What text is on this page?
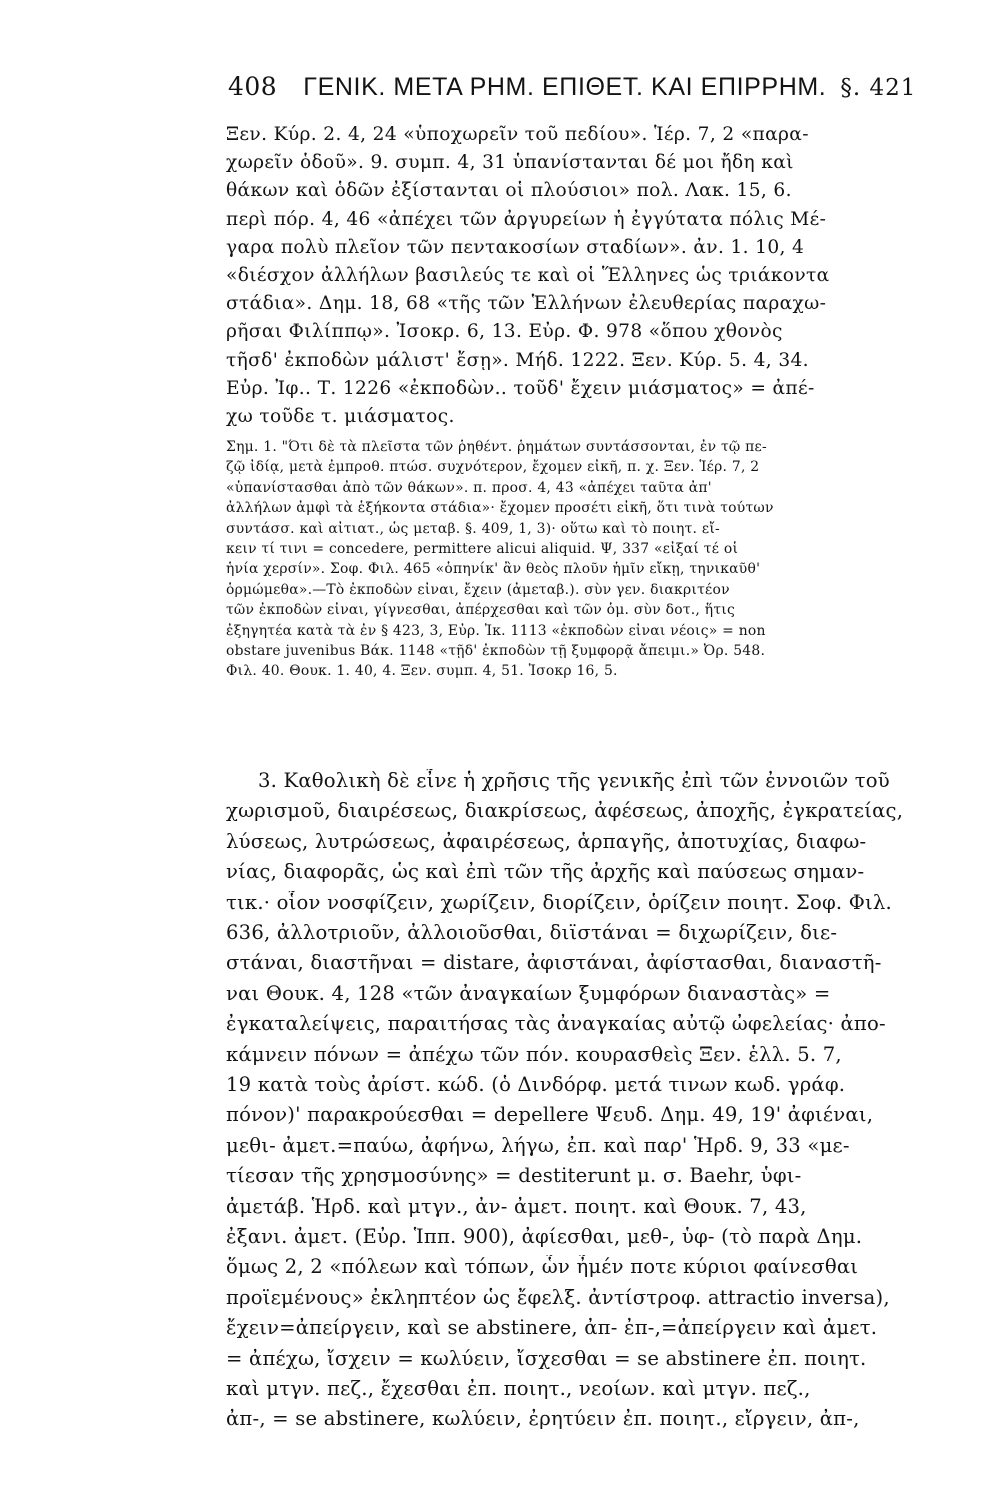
408 ΓΕΝΙΚ. ΜΕΤΑ ΡΗΜ. ΕΠΙΘΕΤ. ΚΑΙ ΕΠΙΡΡΗΜ. §. 421
Ξεν. Κύρ. 2. 4, 24 «ὑποχωρεῖν τοῦ πεδίου». Ἱέρ. 7, 2 «παρα-
χωρεῖν ὁδοῦ». 9. συμπ. 4, 31 ὑπανίστανται δέ μοι ἤδη καὶ
θάκων καὶ ὁδῶν ἐξίστανται οἱ πλούσιοι» πολ. Λακ. 15, 6.
περὶ πόρ. 4, 46 «ἀπέχει τῶν ἀργυρείων ἡ ἐγγύτατα πόλις Μέ-
γαρα πολὺ πλεῖον τῶν πεντακοσίων σταδίων». ἀν. 1. 10, 4
«διέσχον ἀλλήλων βασιλεύς τε καὶ οἱ Ἕλληνες ὡς τριάκοντα
στάδια». Δημ. 18, 68 «τῆς τῶν Ἑλλήνων ἐλευθερίας παραχω-
ρῆσαι Φιλίππῳ». Ἰσοκρ. 6, 13. Εὐρ. Φ. 978 «ὅπου χθονὸς
τῆσδ' ἐκποδὼν μάλιστ' ἔσῃ». Μήδ. 1222. Ξεν. Κύρ. 5. 4, 34.
Εὐρ. Ἰφ.. Τ. 1226 «ἐκποδὼν.. τοῦδ' ἔχειν μιάσματος» = ἀπέ-
χω τοῦδε τ. μιάσματος.
Σημ. 1. "Ότι δὲ τὰ πλεῖστα τῶν ῥηθέντ. ῥημάτων συντάσσονται, ἐν τῷ πε-
ζῷ ἰδίᾳ, μετὰ ἐμπροθ. πτώσ. συχνότερον, ἔχομεν εἰκῆ, π. χ. Ξεν. Ἱέρ. 7, 2
«ὑπανίστασθαι ἀπὸ τῶν θάκων». π. προσ. 4, 43 «ἀπέχει ταῦτα ἀπ'
ἀλλήλων ἀμφὶ τὰ ἑξήκοντα στάδια»· ἔχομεν προσέτι εἰκῆ, ὅτι τινὰ τούτων
συντάσσ. καὶ αἰτιατ., ὡς μεταβ. §. 409, 1, 3)· οὕτω καὶ τὸ ποιητ. εἴ-
κειν τί τινι = concedere, permittere alicui aliquid. Ψ, 337 «εἶξαί τέ οἱ
ἡνία χερσίν». Σοφ. Φιλ. 465 «ὁπηνίκ' ἂν θεὸς πλοῦν ἡμῖν εἴκῃ, τηνικαῦθ'
ὁρμώμεθα».—Τὸ ἐκποδὼν εἶναι, ἔχειν (ἀμεταβ.). σὺν γεν. διακριτέον
τῶν ἐκποδὼν εἶναι, γίγνεσθαι, ἀπέρχεσθαι καὶ τῶν ὁμ. σὺν δοτ., ἥτις
ἐξηγητέα κατὰ τὰ ἐν § 423, 3, Εὐρ. Ἰκ. 1113 «ἐκποδὼν εἶναι νέοις» = non
obstare juvenibus Βάκ. 1148 «τῇδ' ἐκποδὼν τῇ ξυμφορᾷ ἄπειμι.» Ὀρ. 548.
Φιλ. 40. Θουκ. 1. 40, 4. Ξεν. συμπ. 4, 51. Ἰσοκρ 16, 5.
3. Καθολικὴ δὲ εἶνε ἡ χρῆσις τῆς γενικῆς ἐπὶ τῶν ἐννοιῶν τοῦ
χωρισμοῦ, διαιρέσεως, διακρίσεως, ἀφέσεως, ἀποχῆς, ἐγκρατείας,
λύσεως, λυτρώσεως, ἀφαιρέσεως, ἁρπαγῆς, ἀποτυχίας, διαφω-
νίας, διαφορᾶς, ὡς καὶ ἐπὶ τῶν τῆς ἀρχῆς καὶ παύσεως σημαν-
τικ.· οἷον νοσφίζειν, χωρίζειν, διορίζειν, ὁρίζειν ποιητ. Σοφ. Φιλ.
636, ἀλλοτριοῦν, ἀλλοιοῦσθαι, διϊστάναι = διχωρίζειν, διε-
στάναι, διαστῆναι = distare, ἀφιστάναι, ἀφίστασθαι, διαναστῆ-
ναι Θουκ. 4, 128 «τῶν ἀναγκαίων ξυμφόρων διαναστὰς» =
ἐγκαταλείψεις, παραιτήσας τὰς ἀναγκαίας αὐτῷ ὠφελείας· ἀπο-
κάμνειν πόνων = ἀπέχω τῶν πόν. κουρασθεὶς Ξεν. ἑλλ. 5. 7,
19 κατὰ τοὺς ἀρίστ. κώδ. (ὁ Δινδόρφ. μετά τινων κωδ. γράφ.
πόνον)' παρακρούεσθαι = depellere Ψευδ. Δημ. 49, 19' ἀφιέναι,
μεθι- ἀμετ.=παύω, ἀφήνω, λήγω, ἐπ. καὶ παρ' Ἡρδ. 9, 33 «με-
τίεσαν τῆς χρησμοσύνης» = destiterunt μ. σ. Baehr, ὑφι-
ἀμετάβ. Ἡρδ. καὶ μτγν., ἀν- ἀμετ. ποιητ. καὶ Θουκ. 7, 43,
ἐξανι. ἀμετ. (Εὐρ. Ἱππ. 900), ἀφίεσθαι, μεθ-, ὑφ- (τὸ παρὰ Δημ.
ὅμως 2, 2 «πόλεων καὶ τόπων, ὧν ἦμέν ποτε κύριοι φαίνεσθαι
προϊεμένους» ἐκληπτέον ὡς ἔφελξ. ἀντίστροφ. attractio inversa),
ἔχειν=ἀπείργειν, καὶ se abstinere, ἀπ- ἐπ-,=ἀπείργειν καὶ ἀμετ.
= ἀπέχω, ἴσχειν = κωλύειν, ἴσχεσθαι = se abstinere ἐπ. ποιητ.
καὶ μτγν. πεζ., ἔχεσθαι ἐπ. ποιητ., νεοίων. καὶ μτγν. πεζ.,
ἀπ-, = se abstinere, κωλύειν, ἐρητύειν ἐπ. ποιητ., εἴργειν, ἀπ-,
